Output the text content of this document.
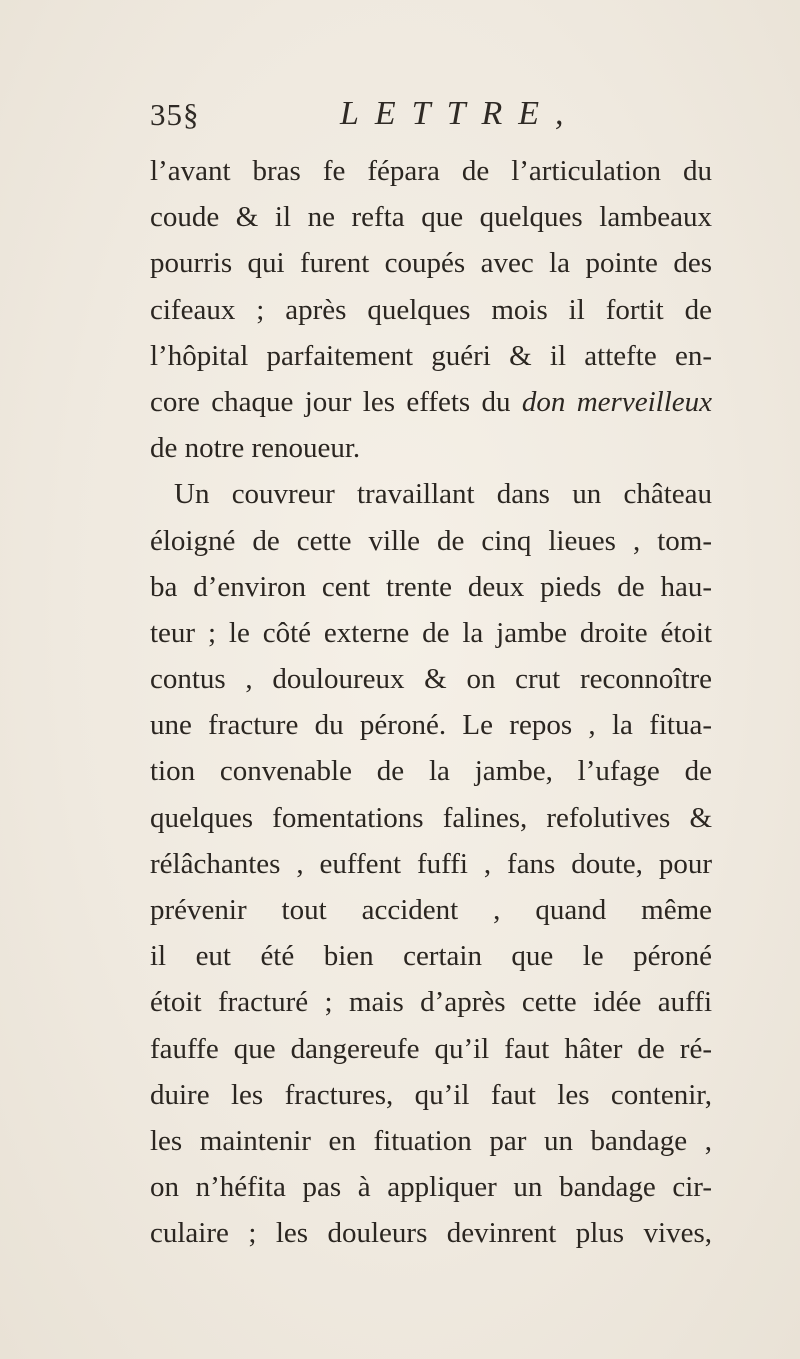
35§	LETTRE,
l’avant bras fe fépara de l’articulation du
coude & il ne refta que quelques lambeaux
pourris qui furent coupés avec la pointe des
cifeaux ; après quelques mois il fortit de
l’hôpital parfaitement guéri & il attefte en-
core chaque jour les effets du don merveilleux
de notre renoueur.
Un couvreur travaillant dans un château
éloigné de cette ville de cinq lieues , tom-
ba d’environ cent trente deux pieds de hau-
teur ; le côté externe de la jambe droite étoit
contus , douloureux & on crut reconnoître
une fracture du péroné. Le repos , la fitua-
tion convenable de la jambe, l’ufage de
quelques fomentations falines, refolutives &
rélâchantes , euffent fuffi , fans doute, pour
prévenir tout accident , quand même
il eut été bien certain que le péroné
étoit fracturé ; mais d’après cette idée auffi
fauffe que dangereufe qu’il faut hâter de ré-
duire les fractures, qu’il faut les contenir,
les maintenir en fituation par un bandage ,
on n’héfita pas à appliquer un bandage cir-
culaire ; les douleurs devinrent plus vives,
